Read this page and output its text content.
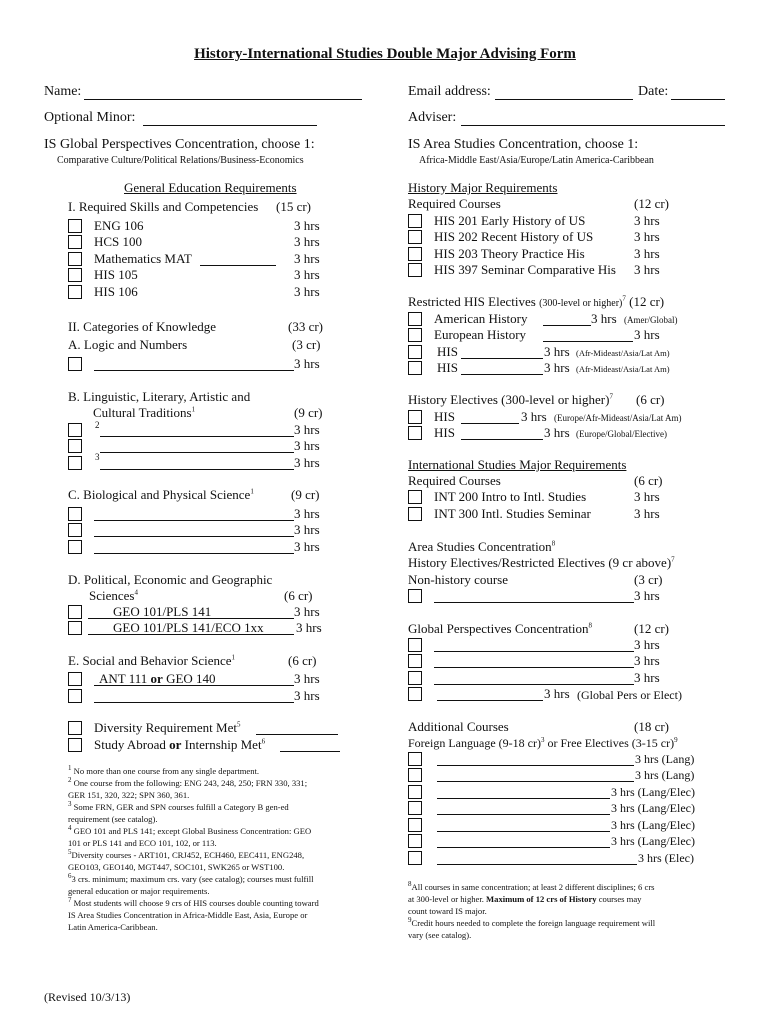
History-International Studies Double Major Advising Form
Name:	Email address:	Date:
Optional Minor:	Adviser:
IS Global Perspectives Concentration, choose 1:
Comparative Culture/Political Relations/Business-Economics
IS Area Studies Concentration, choose 1:
Africa-Middle East/Asia/Europe/Latin America-Caribbean
General Education Requirements
I. Required Skills and Competencies (15 cr)
ENG 106	3 hrs
HCS 100	3 hrs
Mathematics MAT	3 hrs
HIS 105	3 hrs
HIS 106	3 hrs
II. Categories of Knowledge	(33 cr)
A. Logic and Numbers	(3 cr)
3 hrs
B. Linguistic, Literary, Artistic and
Cultural Traditions$^1$	(9 cr)
2	3 hrs
3 hrs
3	3 hrs
C. Biological and Physical Science$^1$	(9 cr)
3 hrs
3 hrs
3 hrs
D. Political, Economic and Geographic
Sciences$^4$	(6 cr)
GEO 101/PLS 141	3 hrs
GEO 101/PLS 141/ECO 1xx 3 hrs
E. Social and Behavior Science$^1$	(6 cr)
ANT 111 or GEO 140	3 hrs
3 hrs
Diversity Requirement Met$^5$
Study Abroad or Internship Met$^6$
$^1$ No more than one course from any single department.
$^2$ One course from the following: ENG 243, 248, 250; FRN 330, 331;
GER 151, 320, 322; SPN 360, 361.
$^3$ Some FRN, GER and SPN courses fulfill a Category B gen-ed
requirement (see catalog).
$^4$ GEO 101 and PLS 141; except Global Business Concentration: GEO
101 or PLS 141 and ECO 101, 102, or 113.
$^5$Diversity courses - ART101, CRJ452, ECH460, EEC411, ENG248,
GEO103, GEO140, MGT447, SOC101, SWK265 or WST100.
$^6$3 crs. minimum; maximum crs. vary (see catalog); courses must fulfill
general education or major requirements.
$^7$ Most students will choose 9 crs of HIS courses double counting toward
IS Area Studies Concentration in Africa-Middle East, Asia, Europe or
Latin America-Caribbean.
(Revised 10/3/13)
History Major Requirements
Required Courses	(12 cr)
HIS 201 Early History of US	3 hrs
HIS 202 Recent History of US	3 hrs
HIS 203 Theory Practice His	3 hrs
HIS 397 Seminar Comparative His 3 hrs
Restricted HIS Electives (300-level or higher)$^7$ (12 cr)
American History	3 hrs (Amer/Global)
European History	3 hrs
HIS	3 hrs (Afr-Mideast/Asia/Lat Am)
HIS	3 hrs (Afr-Mideast/Asia/Lat Am)
History Electives (300-level or higher)$^7$ (6 cr)
HIS	3 hrs (Europe/Afr-Mideast/Asia/Lat Am)
HIS	3 hrs (Europe/Global/Elective)
International Studies Major Requirements
Required Courses	(6 cr)
INT 200 Intro to Intl. Studies	3 hrs
INT 300 Intl. Studies Seminar	3 hrs
Area Studies Concentration$^8$
History Electives/Restricted Electives (9 cr above)$^7$
Non-history course	(3 cr)
3 hrs
Global Perspectives Concentration$^8$	(12 cr)
3 hrs
3 hrs
3 hrs
3 hrs (Global Pers or Elect)
Additional Courses	(18 cr)
Foreign Language (9-18 cr)$^3$ or Free Electives (3-15 cr)$^9$
3 hrs (Lang)
3 hrs (Lang)
3 hrs (Lang/Elec)
3 hrs (Lang/Elec)
3 hrs (Lang/Elec)
3 hrs (Lang/Elec)
3 hrs (Elec)
$^8$All courses in same concentration; at least 2 different disciplines; 6 crs
at 300-level or higher. Maximum of 12 crs of History courses may
count toward IS major.
$^9$Credit hours needed to complete the foreign language requirement will
vary (see catalog).
